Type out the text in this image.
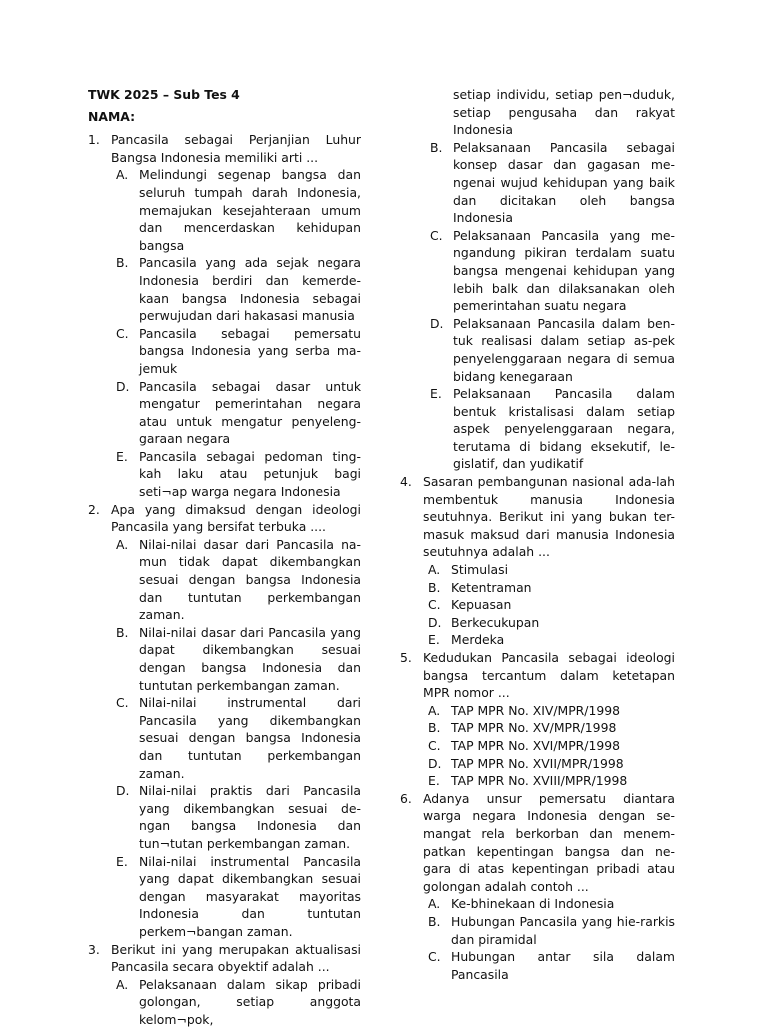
TWK 2025 – Sub Tes 4
NAMA:
1. Pancasila sebagai Perjanjian Luhur Bangsa Indonesia memiliki arti ...
A. Melindungi segenap bangsa dan seluruh tumpah darah Indonesia, memajukan kesejahteraan umum dan mencerdaskan kehidupan bangsa
B. Pancasila yang ada sejak negara Indonesia berdiri dan kemerde-kaan bangsa Indonesia sebagai perwujudan dari hakasasi manusia
C. Pancasila sebagai pemersatu bangsa Indonesia yang serba ma-jemuk
D. Pancasila sebagai dasar untuk mengatur pemerintahan negara atau untuk mengatur penyeleng-garaan negara
E. Pancasila sebagai pedoman ting-kah laku atau petunjuk bagi seti¬ap warga negara Indonesia
2. Apa yang dimaksud dengan ideologi Pancasila yang bersifat terbuka ....
A. Nilai-nilai dasar dari Pancasila na-mun tidak dapat dikembangkan sesuai dengan bangsa Indonesia dan tuntutan perkembangan zaman.
B. Nilai-nilai dasar dari Pancasila yang dapat dikembangkan sesuai dengan bangsa Indonesia dan tuntutan perkembangan zaman.
C. Nilai-nilai instrumental dari Pancasila yang dikembangkan sesuai dengan bangsa Indonesia dan tuntutan perkembangan zaman.
D. Nilai-nilai praktis dari Pancasila yang dikembangkan sesuai de-ngan bangsa Indonesia dan tun¬tutan perkembangan zaman.
E. Nilai-nilai instrumental Pancasila yang dapat dikembangkan sesuai dengan masyarakat mayoritas Indonesia dan tuntutan perkem¬bangan zaman.
3. Berikut ini yang merupakan aktualisasi Pancasila secara obyektif adalah ...
A. Pelaksanaan dalam sikap pribadi golongan, setiap anggota kelom¬pok,
setiap individu, setiap pen¬duduk, setiap pengusaha dan rakyat Indonesia
B. Pelaksanaan Pancasila sebagai konsep dasar dan gagasan me-ngenai wujud kehidupan yang baik dan dicitakan oleh bangsa Indonesia
C. Pelaksanaan Pancasila yang me-ngandung pikiran terdalam suatu bangsa mengenai kehidupan yang lebih balk dan dilaksanakan oleh pemerintahan suatu negara
D. Pelaksanaan Pancasila dalam ben-tuk realisasi dalam setiap as-pek penyelenggaraan negara di semua bidang kenegaraan
E. Pelaksanaan Pancasila dalam bentuk kristalisasi dalam setiap aspek penyelenggaraan negara, terutama di bidang eksekutif, le-gislatif, dan yudikatif
4. Sasaran pembangunan nasional ada-lah membentuk manusia Indonesia seutuhnya. Berikut ini yang bukan ter-masuk maksud dari manusia Indonesia seutuhnya adalah ...
A. Stimulasi
B. Ketentraman
C. Kepuasan
D. Berkecukupan
E. Merdeka
5. Kedudukan Pancasila sebagai ideologi bangsa tercantum dalam ketetapan MPR nomor ...
A. TAP MPR No. XIV/MPR/1998
B. TAP MPR No. XV/MPR/1998
C. TAP MPR No. XVI/MPR/1998
D. TAP MPR No. XVII/MPR/1998
E. TAP MPR No. XVIII/MPR/1998
6. Adanya unsur pemersatu diantara warga negara Indonesia dengan se-mangat rela berkorban dan menem-patkan kepentingan bangsa dan ne-gara di atas kepentingan pribadi atau golongan adalah contoh ...
A. Ke-bhinekaan di Indonesia
B. Hubungan Pancasila yang hie-rarkis dan piramidal
C. Hubungan antar sila dalam Pancasila
